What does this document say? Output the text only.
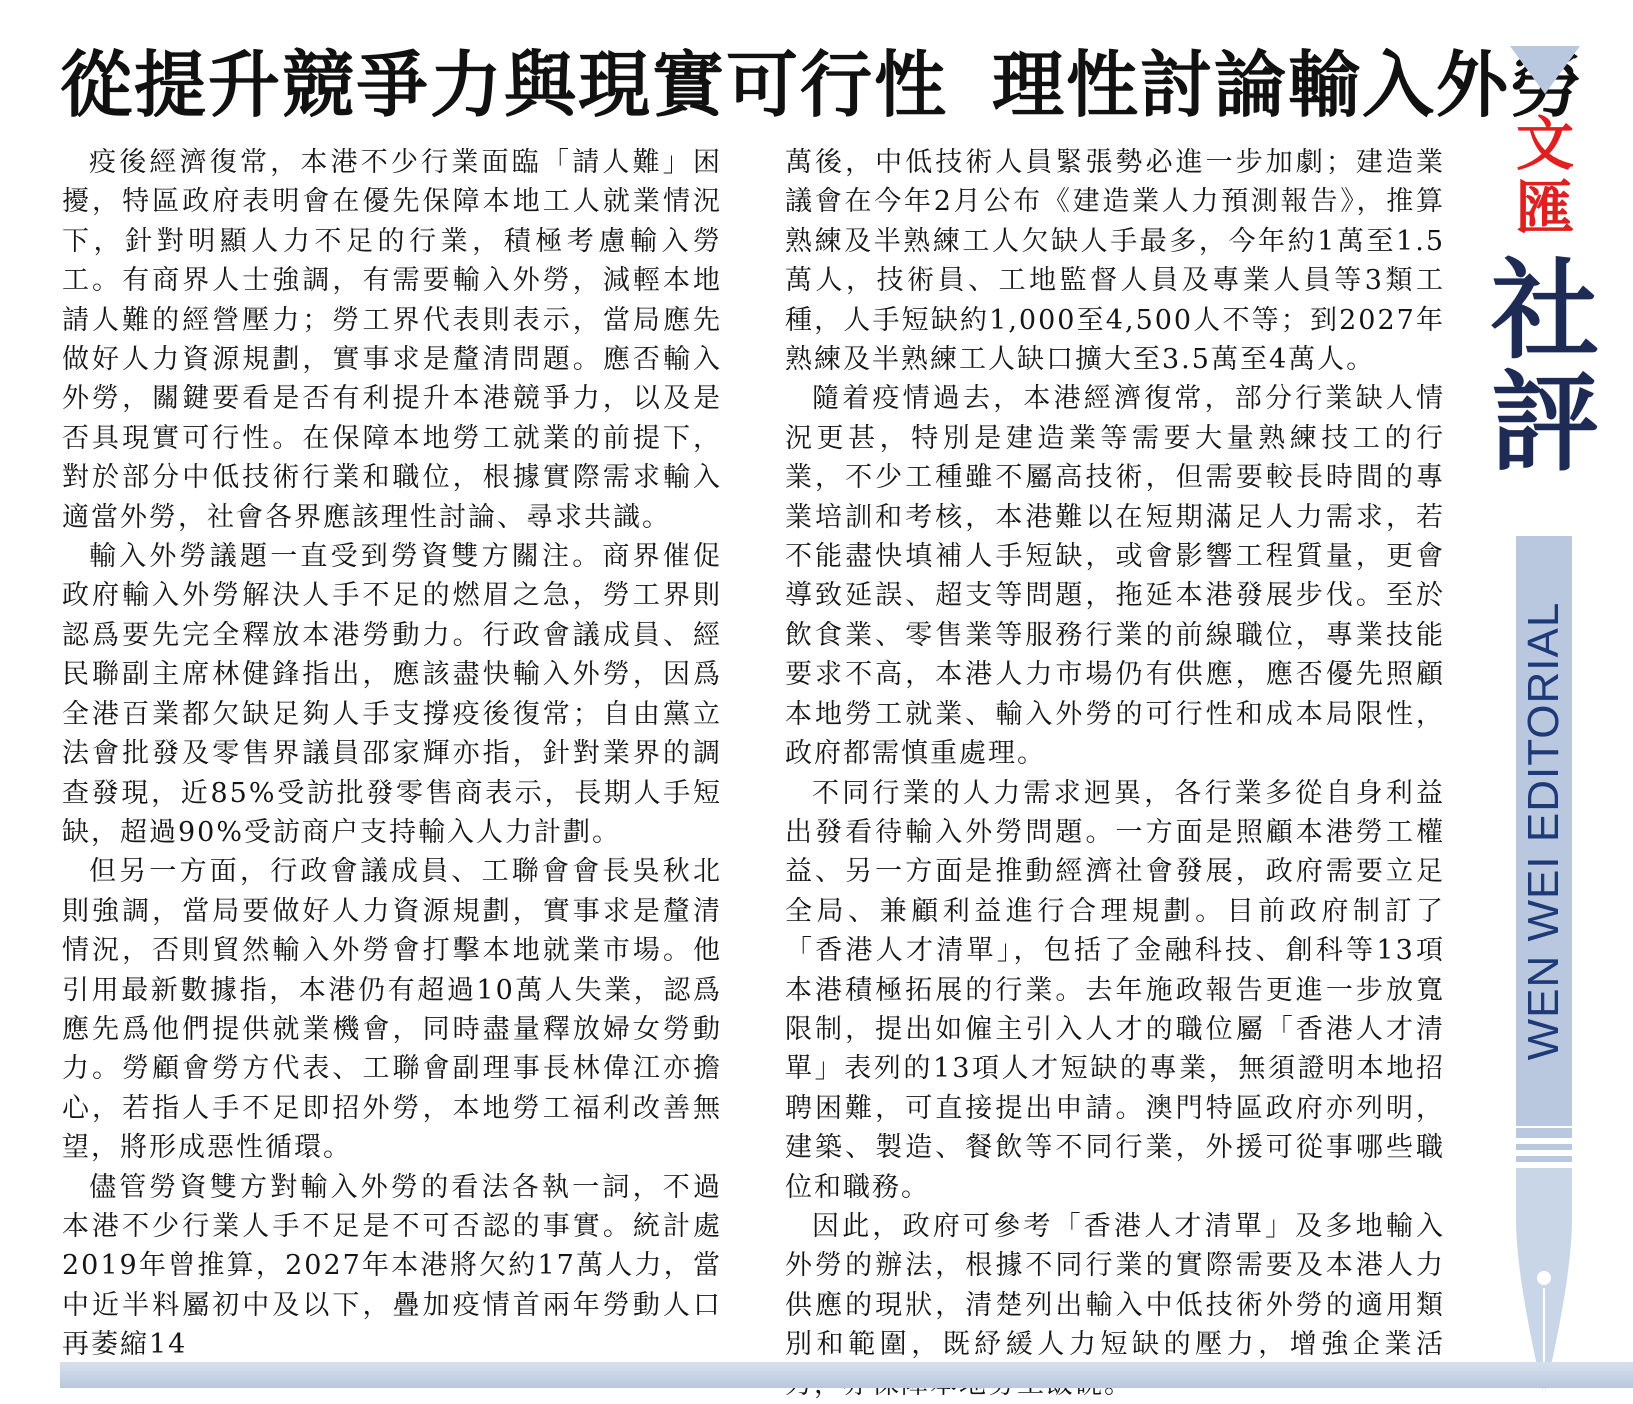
從提升競爭力與現實可行性 理性討論輸入外勞

疫後經濟復常，本港不少行業面臨「請人難」困擾，特區政府表明會在優先保障本地工人就業情況下，針對明顯人力不足的行業，積極考慮輸入勞工。有商界人士強調，有需要輸入外勞，減輕本地請人難的經營壓力；勞工界代表則表示，當局應先做好人力資源規劃，實事求是釐清問題。應否輸入外勞，關鍵要看是否有利提升本港競爭力，以及是否具現實可行性。在保障本地勞工就業的前提下，對於部分中低技術行業和職位，根據實際需求輸入適當外勞，社會各界應該理性討論、尋求共識。

輸入外勞議題一直受到勞資雙方關注。商界催促政府輸入外勞解決人手不足的燃眉之急，勞工界則認爲要先完全釋放本港勞動力。行政會議成員、經民聯副主席林健鋒指出，應該盡快輸入外勞，因爲全港百業都欠缺足夠人手支撐疫後復常；自由黨立法會批發及零售界議員邵家輝亦指，針對業界的調查發現，近85%受訪批發零售商表示，長期人手短缺，超過90%受訪商户支持輸入人力計劃。

但另一方面，行政會議成員、工聯會會長吳秋北則強調，當局要做好人力資源規劃，實事求是釐清情況，否則貿然輸入外勞會打擊本地就業市場。他引用最新數據指，本港仍有超過10萬人失業，認爲應先爲他們提供就業機會，同時盡量釋放婦女勞動力。勞顧會勞方代表、工聯會副理事長林偉江亦擔心，若指人手不足即招外勞，本地勞工福利改善無望，將形成惡性循環。

儘管勞資雙方對輸入外勞的看法各執一詞，不過本港不少行業人手不足是不可否認的事實。統計處2019年曾推算，2027年本港將欠約17萬人力，當中近半料屬初中及以下，疊加疫情首兩年勞動人口再萎縮14

萬後，中低技術人員緊張勢必進一步加劇；建造業議會在今年2月公布《建造業人力預測報告》，推算熟練及半熟練工人欠缺人手最多，今年約1萬至1.5萬人，技術員、工地監督人員及專業人員等3類工種，人手短缺約1,000至4,500人不等；到2027年熟練及半熟練工人缺口擴大至3.5萬至4萬人。

隨着疫情過去，本港經濟復常，部分行業缺人情況更甚，特別是建造業等需要大量熟練技工的行業，不少工種雖不屬高技術，但需要較長時間的專業培訓和考核，本港難以在短期滿足人力需求，若不能盡快填補人手短缺，或會影響工程質量，更會導致延誤、超支等問題，拖延本港發展步伐。至於飲食業、零售業等服務行業的前線職位，專業技能要求不高，本港人力市場仍有供應，應否優先照顧本地勞工就業、輸入外勞的可行性和成本局限性，政府都需慎重處理。

不同行業的人力需求迥異，各行業多從自身利益出發看待輸入外勞問題。一方面是照顧本港勞工權益、另一方面是推動經濟社會發展，政府需要立足全局、兼顧利益進行合理規劃。目前政府制訂了「香港人才清單」，包括了金融科技、創科等13項本港積極拓展的行業。去年施政報告更進一步放寬限制，提出如僱主引入人才的職位屬「香港人才清單」表列的13項人才短缺的專業，無須證明本地招聘困難，可直接提出申請。澳門特區政府亦列明，建築、製造、餐飲等不同行業，外援可從事哪些職位和職務。

因此，政府可參考「香港人才清單」及多地輸入外勞的辦法，根據不同行業的實際需要及本港人力供應的現狀，清楚列出輸入中低技術外勞的適用類別和範圍，既紓緩人力短缺的壓力，增強企業活

文匯
社評
WEN WEI EDITORIAL
